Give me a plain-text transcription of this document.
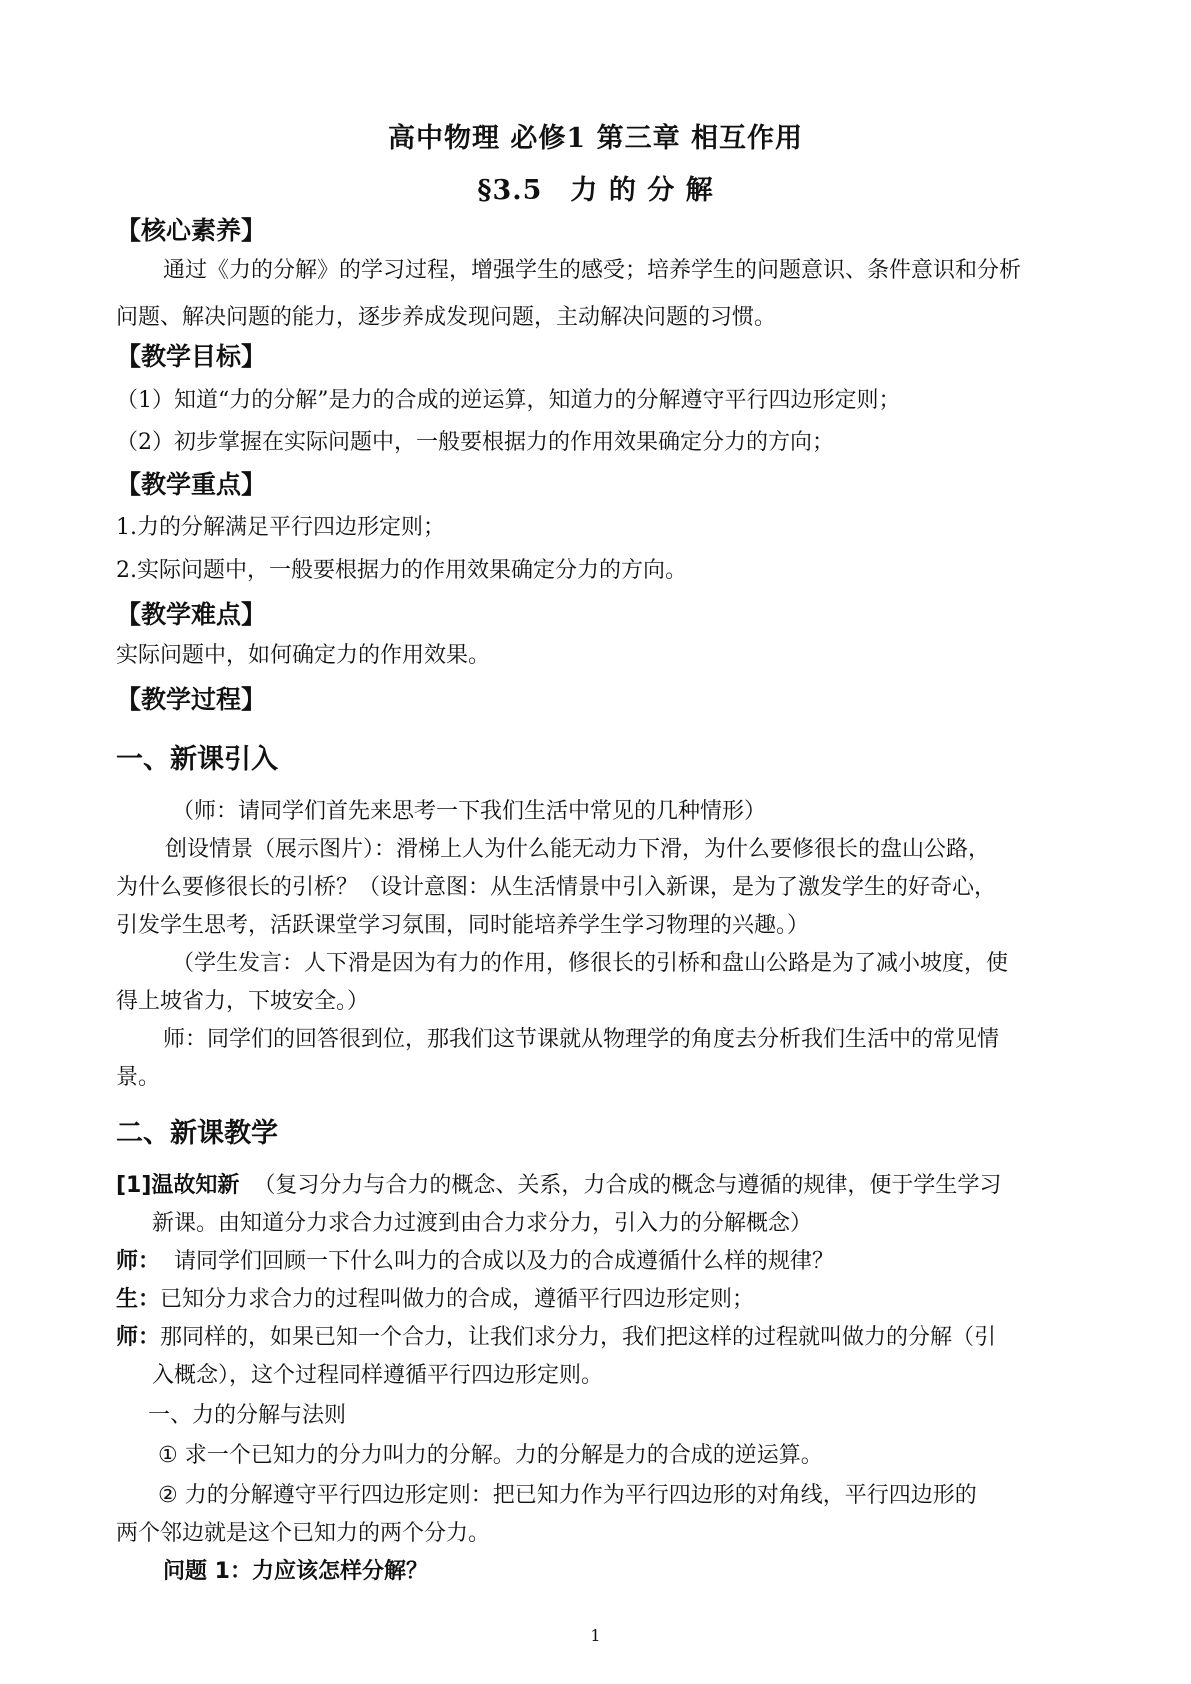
高中物理 必修1 第三章 相互作用
§3.5　力 的 分 解
【核心素养】
通过《力的分解》的学习过程，增强学生的感受；培养学生的问题意识、条件意识和分析
问题、解决问题的能力，逐步养成发现问题，主动解决问题的习惯。
【教学目标】
（1）知道“力的分解”是力的合成的逆运算，知道力的分解遵守平行四边形定则；
（2）初步掌握在实际问题中，一般要根据力的作用效果确定分力的方向；
【教学重点】
1.力的分解满足平行四边形定则；
2.实际问题中，一般要根据力的作用效果确定分力的方向。
【教学难点】
实际问题中，如何确定力的作用效果。
【教学过程】
一、新课引入
（师：请同学们首先来思考一下我们生活中常见的几种情形）
创设情景（展示图片）：滑梯上人为什么能无动力下滑，为什么要修很长的盘山公路，
为什么要修很长的引桥？（设计意图：从生活情景中引入新课，是为了激发学生的好奇心，
引发学生思考，活跃课堂学习氛围，同时能培养学生学习物理的兴趣。）
（学生发言：人下滑是因为有力的作用，修很长的引桥和盘山公路是为了减小坡度，使
得上坡省力，下坡安全。）
师：同学们的回答很到位，那我们这节课就从物理学的角度去分析我们生活中的常见情
景。
二、新课教学
[1]温故知新 （复习分力与合力的概念、关系，力合成的概念与遵循的规律，便于学生学习
新课。由知道分力求合力过渡到由合力求分力，引入力的分解概念）
师：  请同学们回顾一下什么叫力的合成以及力的合成遵循什么样的规律？
生：已知分力求合力的过程叫做力的合成，遵循平行四边形定则；
师：那同样的，如果已知一个合力，让我们求分力，我们把这样的过程就叫做力的分解（引
入概念），这个过程同样遵循平行四边形定则。
一、力的分解与法则
① 求一个已知力的分力叫力的分解。力的分解是力的合成的逆运算。
② 力的分解遵守平行四边形定则：把已知力作为平行四边形的对角线，平行四边形的
两个邻边就是这个已知力的两个分力。
问题 1：力应该怎样分解？
1
